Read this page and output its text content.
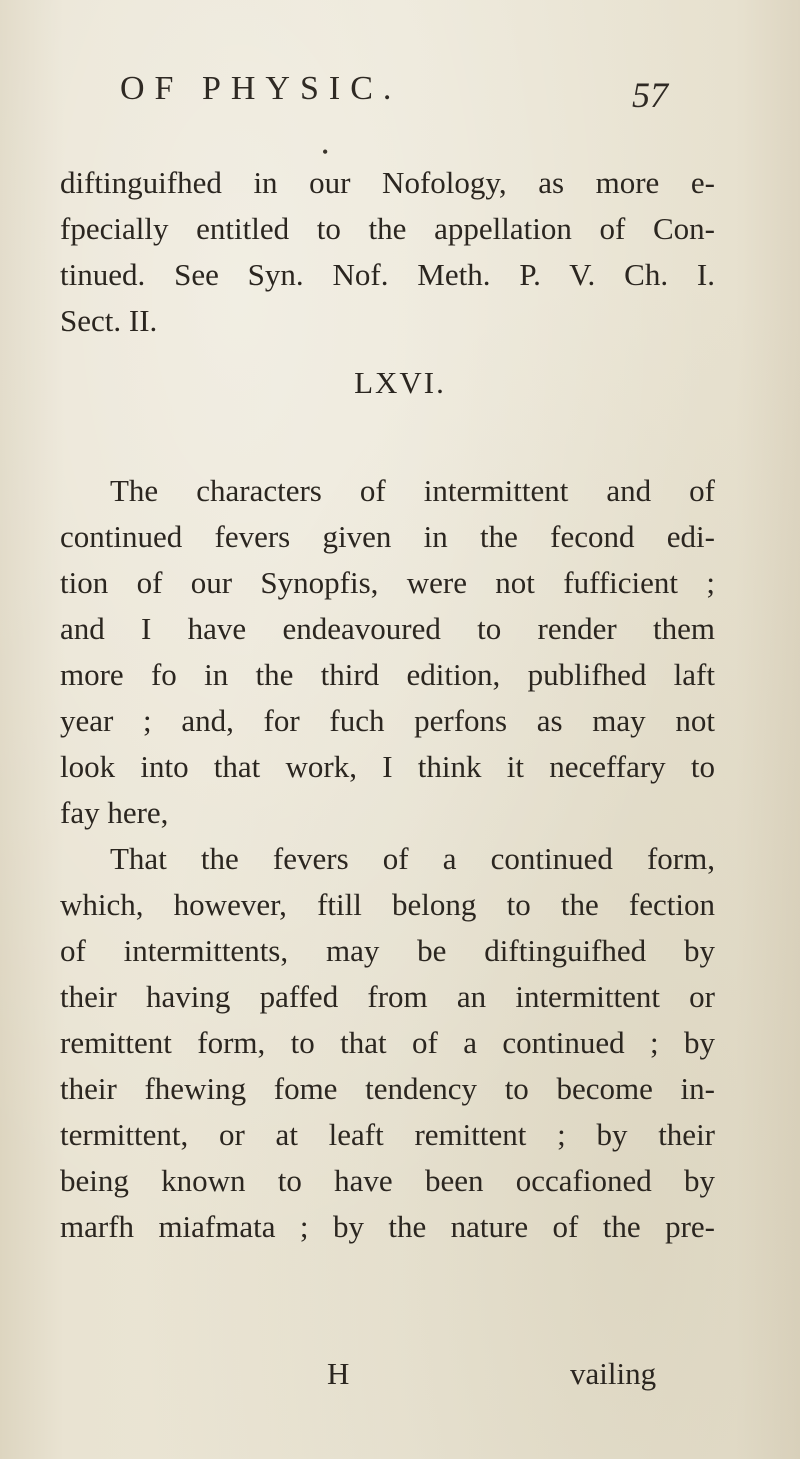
OF PHYSIC.	57
•
diftinguifhed in our Nofology, as more e-
fpecially entitled to the appellation of Con-
tinued. See Syn. Nof. Meth. P. V. Ch. I.
Sect. II.
LXVI.
The characters of intermittent and of
continued fevers given in the fecond edi-
tion of our Synopfis, were not fufficient ;
and I have endeavoured to render them
more fo in the third edition, publifhed laft
year ; and, for fuch perfons as may not
look into that work, I think it neceffary to
fay here,
That the fevers of a continued form,
which, however, ftill belong to the fection
of intermittents, may be diftinguifhed by
their having paffed from an intermittent or
remittent form, to that of a continued ; by
their fhewing fome tendency to become in-
termittent, or at leaft remittent ; by their
being known to have been occafioned by
marfh miafmata ; by the nature of the pre-
H	vailing
